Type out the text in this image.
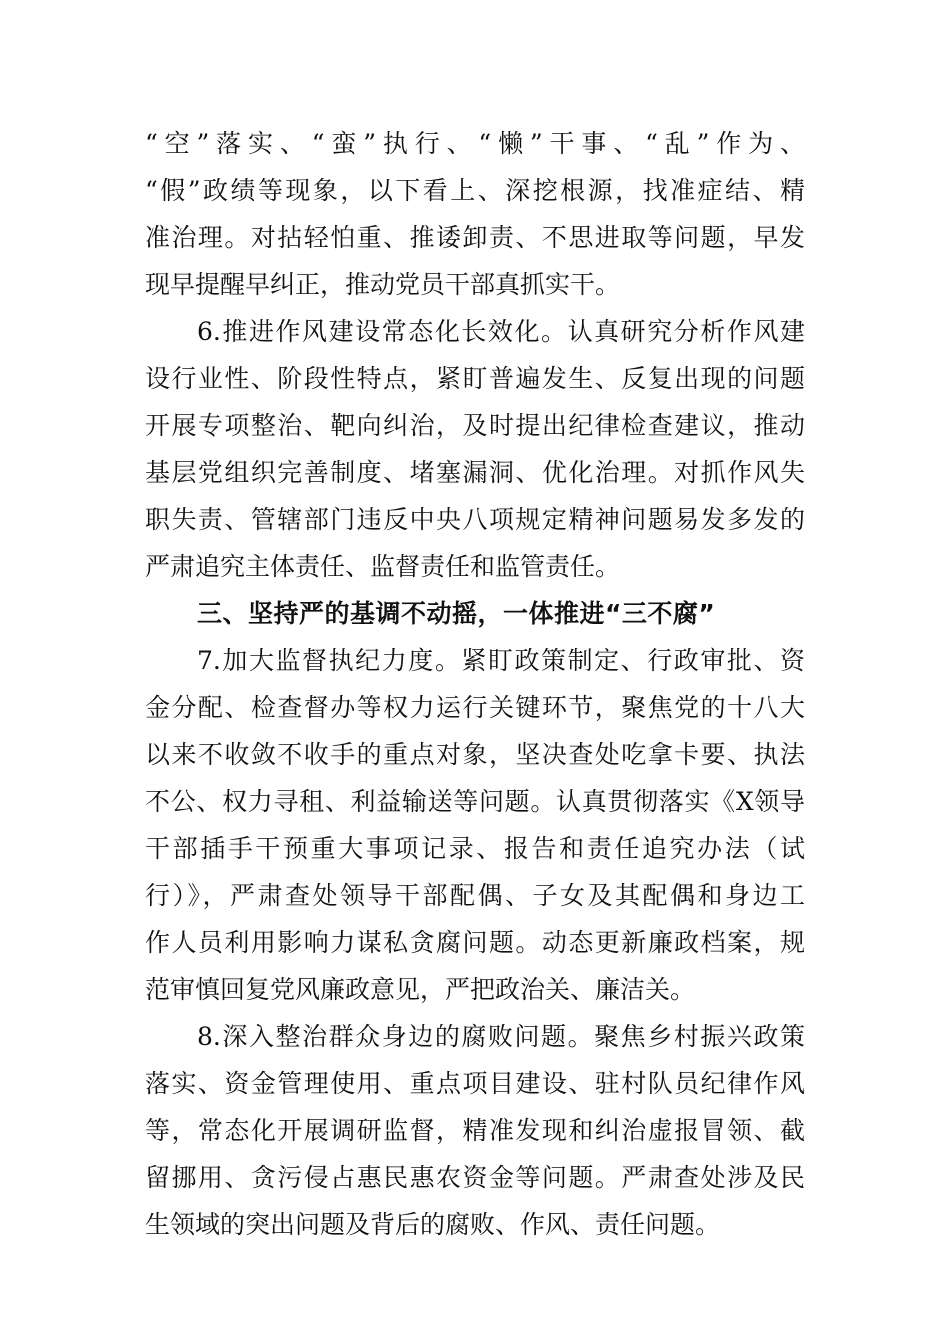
“空”落实、“蛮”执行、“懒”干事、“乱”作为、
“假”政绩等现象，以下看上、深挖根源，找准症结、精
准治理。对拈轻怕重、推诿卸责、不思进取等问题，早发
现早提醒早纠正，推动党员干部真抓实干。
6.推进作风建设常态化长效化。认真研究分析作风建
设行业性、阶段性特点，紧盯普遍发生、反复出现的问题
开展专项整治、靶向纠治，及时提出纪律检查建议，推动
基层党组织完善制度、堵塞漏洞、优化治理。对抓作风失
职失责、管辖部门违反中央八项规定精神问题易发多发的
严肃追究主体责任、监督责任和监管责任。
三、坚持严的基调不动摇，一体推进“三不腐”
7.加大监督执纪力度。紧盯政策制定、行政审批、资
金分配、检查督办等权力运行关键环节，聚焦党的十八大
以来不收敛不收手的重点对象，坚决查处吃拿卡要、执法
不公、权力寻租、利益输送等问题。认真贯彻落实《X领导
干部插手干预重大事项记录、报告和责任追究办法（试
行）》，严肃查处领导干部配偶、子女及其配偶和身边工
作人员利用影响力谋私贪腐问题。动态更新廉政档案，规
范审慎回复党风廉政意见，严把政治关、廉洁关。
8.深入整治群众身边的腐败问题。聚焦乡村振兴政策
落实、资金管理使用、重点项目建设、驻村队员纪律作风
等，常态化开展调研监督，精准发现和纠治虚报冒领、截
留挪用、贪污侵占惠民惠农资金等问题。严肃查处涉及民
生领域的突出问题及背后的腐败、作风、责任问题。
